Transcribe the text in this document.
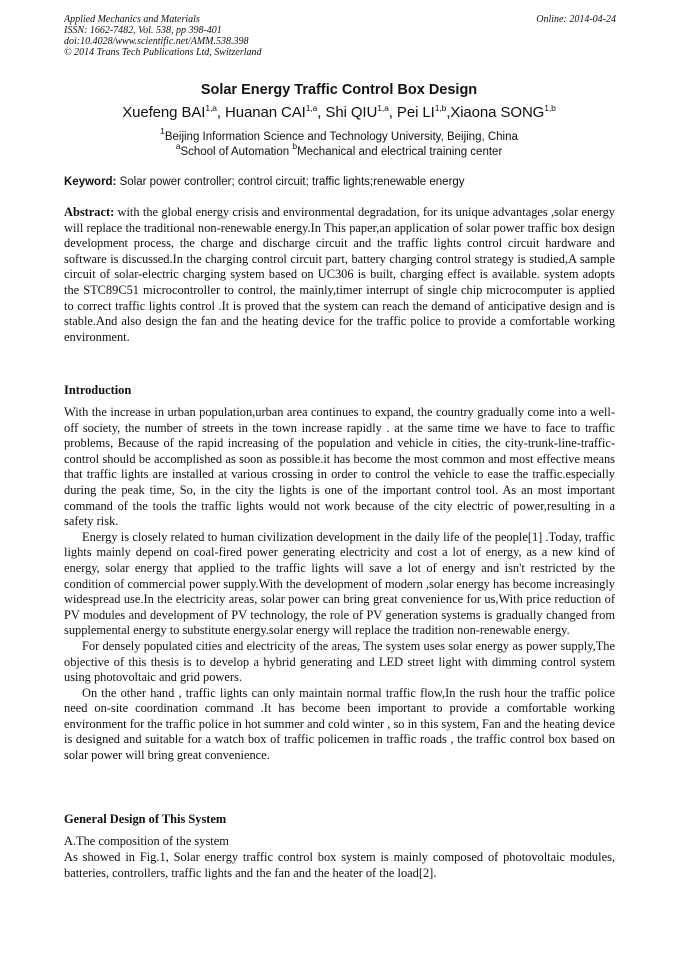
Applied Mechanics and Materials
ISSN: 1662-7482, Vol. 538, pp 398-401
doi:10.4028/www.scientific.net/AMM.538.398
© 2014 Trans Tech Publications Ltd, Switzerland
Online: 2014-04-24
Solar Energy Traffic Control Box Design
Xuefeng BAI$^{1,a}$, Huanan CAI$^{1,a}$, Shi QIU$^{1,a}$, Pei LI$^{1,b}$,Xiaona SONG$^{1,b}$
$^1$Beijing Information Science and Technology University, Beijing, China
$^a$School of Automation $^b$Mechanical and electrical training center
Keyword: Solar power controller; control circuit; traffic lights;renewable energy

Abstract: with the global energy crisis and environmental degradation, for its unique advantages ,solar energy will replace the traditional non-renewable energy.In This paper,an application of solar power traffic box design development process, the charge and discharge circuit and the traffic lights control circuit hardware and software is discussed.In the charging control circuit part, battery charging control strategy is studied,A sample circuit of solar-electric charging system based on UC306 is built, charging effect is available. system adopts the STC89C51 microcontroller to control, the mainly,timer interrupt of single chip microcomputer is applied to correct traffic lights control .It is proved that the system can reach the demand of anticipative design and is stable.And also design the fan and the heating device for the traffic police to provide a comfortable working environment.

Introduction

With the increase in urban population,urban area continues to expand, the country gradually come into a well-off society, the number of streets in the town increase rapidly . at the same time we have to face to traffic problems, Because of the rapid increasing of the population and vehicle in cities, the city-trunk-line-traffic-control should be accomplished as soon as possible.it has become the most common and most effective means that traffic lights are installed at various crossing in order to control the vehicle to ease the traffic.especially during the peak time, So, in the city the lights is one of the important control tool. As an most important command of the tools the traffic lights would not work because of the city electric of power,resulting in a safety risk.

Energy is closely related to human civilization development in the daily life of the people[1] .Today, traffic lights mainly depend on coal-fired power generating electricity and cost a lot of energy, as a new kind of energy, solar energy that applied to the traffic lights will save a lot of energy and isn't restricted by the condition of commercial power supply.With the development of modern ,solar energy has become increasingly widespread use.In the electricity areas, solar power can bring great convenience for us,With price reduction of PV modules and development of PV technology, the role of PV generation systems is gradually changed from supplemental energy to substitute energy.solar energy will replace the tradition non-renewable energy.

For densely populated cities and electricity of the areas, The system uses solar energy as power supply,The objective of this thesis is to develop a hybrid generating and LED street light with dimming control system using photovoltaic and grid powers.

On the other hand , traffic lights can only maintain normal traffic flow,In the rush hour the traffic police need on-site coordination command .It has become been important to provide a comfortable working environment for the traffic police in hot summer and cold winter , so in this system, Fan and the heating device is designed and suitable for a watch box of traffic policemen in traffic roads , the traffic control box based on solar power will bring great convenience.

General Design of This System
A.The composition of the system

As showed in Fig.1, Solar energy traffic control box system is mainly composed of photovoltaic modules, batteries, controllers, traffic lights and the fan and the heater of the load[2].
